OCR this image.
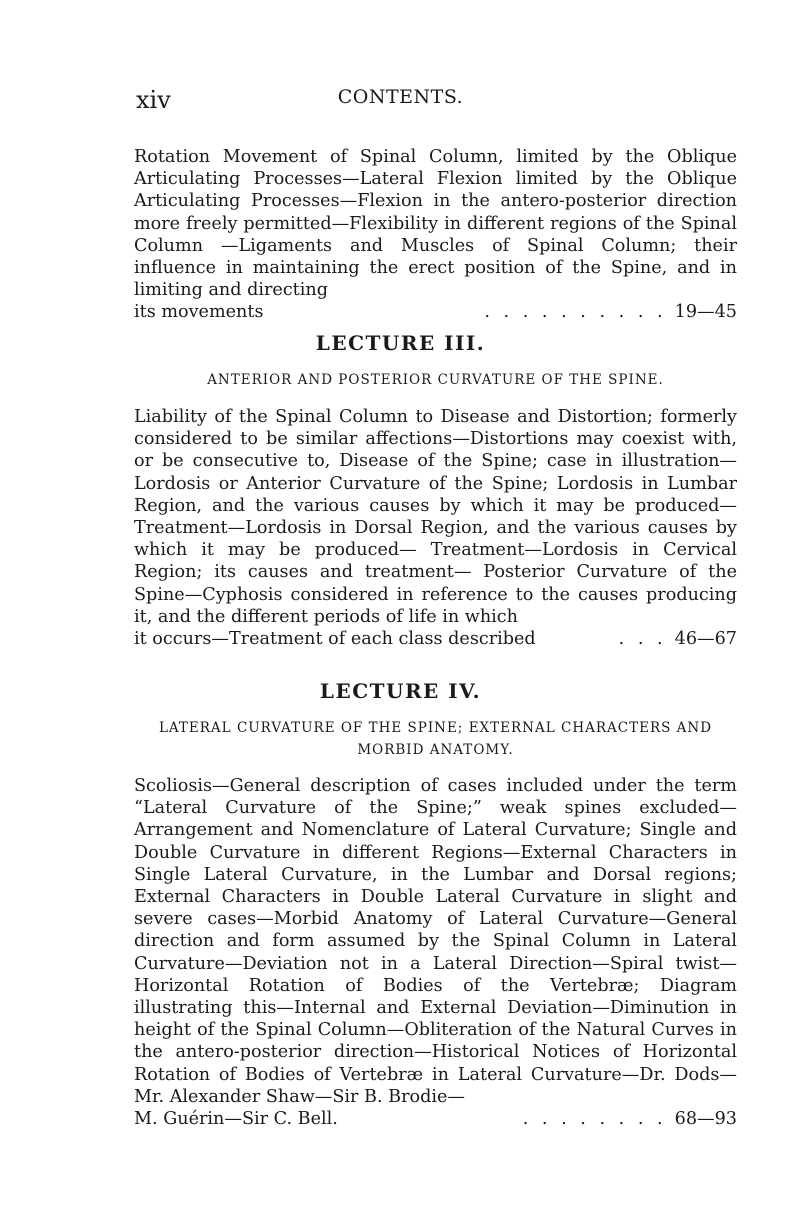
xiv	CONTENTS.
Rotation Movement of Spinal Column, limited by the Oblique Articulating Processes—Lateral Flexion limited by the Oblique Articulating Processes—Flexion in the antero-posterior direction more freely permitted—Flexibility in different regions of the Spinal Column —Ligaments and Muscles of Spinal Column; their influence in maintaining the erect position of the Spine, and in limiting and directing
its movements	. . . . . . . . . . 19—45
LECTURE III.

ANTERIOR AND POSTERIOR CURVATURE OF THE SPINE.

Liability of the Spinal Column to Disease and Distortion; formerly considered to be similar affections—Distortions may coexist with, or be consecutive to, Disease of the Spine; case in illustration—Lordosis or Anterior Curvature of the Spine; Lordosis in Lumbar Region, and the various causes by which it may be produced—Treatment—Lordosis in Dorsal Region, and the various causes by which it may be produced— Treatment—Lordosis in Cervical Region; its causes and treatment— Posterior Curvature of the Spine—Cyphosis considered in reference to the causes producing it, and the different periods of life in which
it occurs—Treatment of each class described	. . . 46—67
LECTURE IV.

LATERAL CURVATURE OF THE SPINE; EXTERNAL CHARACTERS AND MORBID ANATOMY.

Scoliosis—General description of cases included under the term “Lateral Curvature of the Spine;” weak spines excluded—Arrangement and Nomenclature of Lateral Curvature; Single and Double Curvature in different Regions—External Characters in Single Lateral Curvature, in the Lumbar and Dorsal regions; External Characters in Double Lateral Curvature in slight and severe cases—Morbid Anatomy of Lateral Curvature—General direction and form assumed by the Spinal Column in Lateral Curvature—Deviation not in a Lateral Direction—Spiral twist—Horizontal Rotation of Bodies of the Vertebræ; Diagram illustrating this—Internal and External Deviation—Diminution in height of the Spinal Column—Obliteration of the Natural Curves in the antero-posterior direction—Historical Notices of Horizontal Rotation of Bodies of Vertebræ in Lateral Curvature—Dr. Dods—Mr. Alexander Shaw—Sir B. Brodie—
M. Guérin—Sir C. Bell.	. . . . . . . . 68—93
